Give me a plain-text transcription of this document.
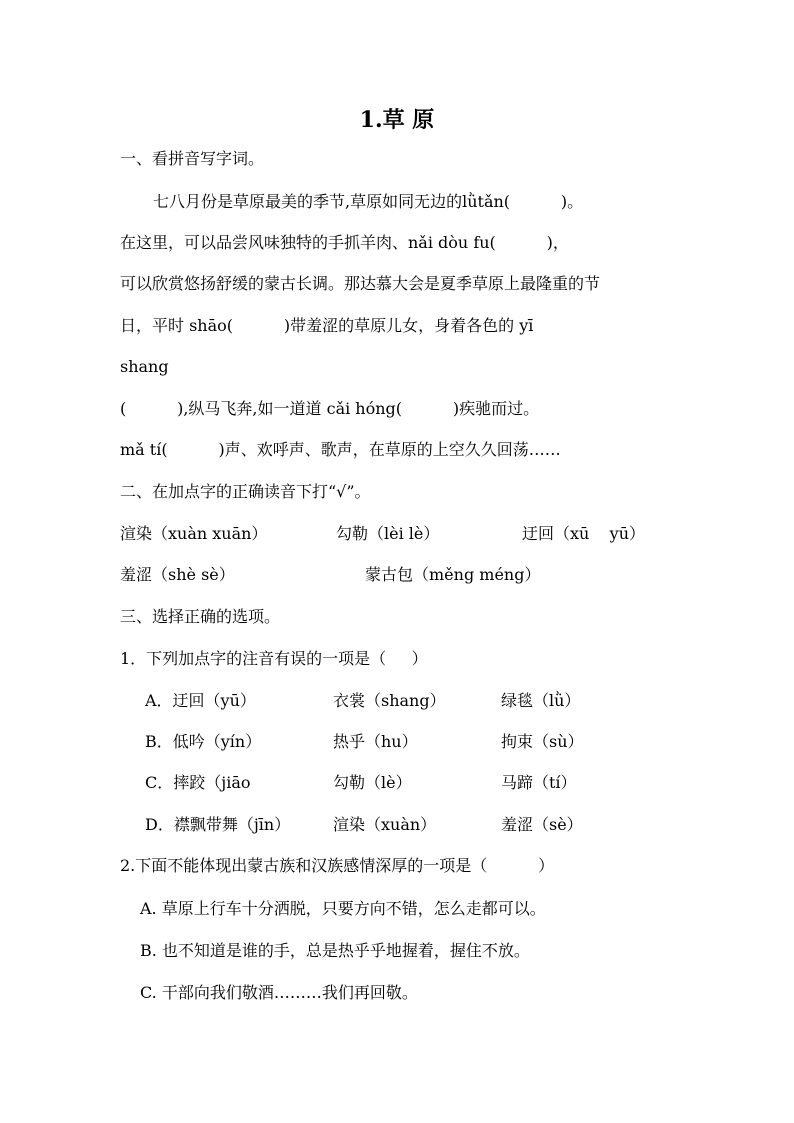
1.草 原
一、看拼音写字词。
七八月份是草原最美的季节,草原如同无边的lǜtǎn(          )。
在这里，可以品尝风味独特的手抓羊肉、nǎi dòu fu(          )，
可以欣赏悠扬舒缓的蒙古长调。那达慕大会是夏季草原上最隆重的节
日，平时 shāo(          )带羞涩的草原儿女，身着各色的 yī
shang
(          ),纵马飞奔,如一道道 cǎi hóng(          )疾驰而过。
mǎ tí(          )声、欢呼声、歌声，在草原的上空久久回荡……
二、在加点字的正确读音下打“√”。
渲染（xuàn xuān）	勾勒（lèi lè）	迂回（xū    yū）
羞涩（shè sè）	蒙古包（měng méng）
三、选择正确的选项。
1．下列加点字的注音有误的一项是（     ）
A．迂回（yū）	衣裳（shang）	绿毯（lǜ）
B．低吟（yín）	热乎（hu）	拘束（sù）
C．摔跤（jiāo	勾勒（lè）	马蹄（tí）
D．襟飘带舞（jīn）	渲染（xuàn）	羞涩（sè）
2.下面不能体现出蒙古族和汉族感情深厚的一项是（          ）
A. 草原上行车十分洒脱，只要方向不错，怎么走都可以。
B. 也不知道是谁的手，总是热乎乎地握着，握住不放。
C. 干部向我们敬酒………我们再回敬。
